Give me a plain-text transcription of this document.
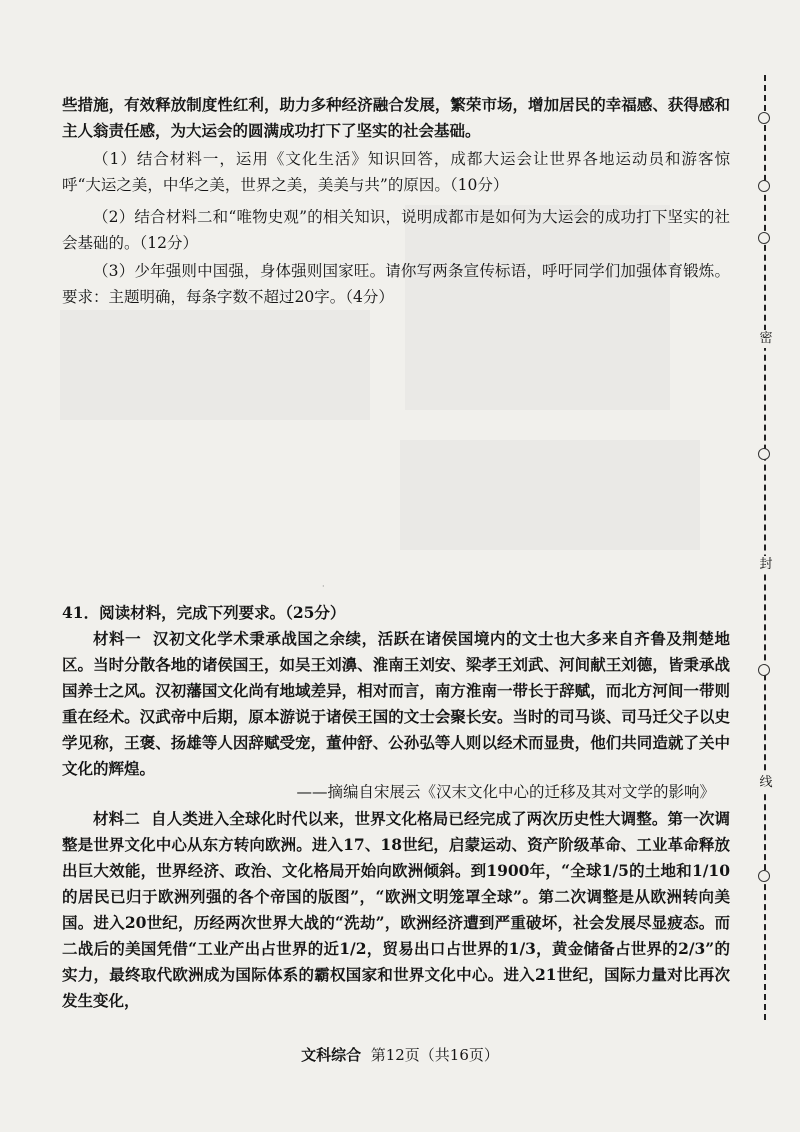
些措施，有效释放制度性红利，助力多种经济融合发展，繁荣市场，增加居民的幸福感、获得感和主人翁责任感，为大运会的圆满成功打下了坚实的社会基础。

（1）结合材料一，运用《文化生活》知识回答，成都大运会让世界各地运动员和游客惊呼“大运之美，中华之美，世界之美，美美与共”的原因。（10分）

（2）结合材料二和“唯物史观”的相关知识，说明成都市是如何为大运会的成功打下坚实的社会基础的。（12分）

（3）少年强则中国强，身体强则国家旺。请你写两条宣传标语，呼吁同学们加强体育锻炼。要求：主题明确，每条字数不超过20字。（4分）

·

41．阅读材料，完成下列要求。（25分）

材料一 汉初文化学术秉承战国之余续，活跃在诸侯国境内的文士也大多来自齐鲁及荆楚地区。当时分散各地的诸侯国王，如吴王刘濞、淮南王刘安、梁孝王刘武、河间献王刘德，皆秉承战国养士之风。汉初藩国文化尚有地域差异，相对而言，南方淮南一带长于辞赋，而北方河间一带则重在经术。汉武帝中后期，原本游说于诸侯王国的文士会聚长安。当时的司马谈、司马迁父子以史学见称，王褒、扬雄等人因辞赋受宠，董仲舒、公孙弘等人则以经术而显贵，他们共同造就了关中文化的辉煌。

——摘编自宋展云《汉末文化中心的迁移及其对文学的影响》

材料二 自人类进入全球化时代以来，世界文化格局已经完成了两次历史性大调整。第一次调整是世界文化中心从东方转向欧洲。进入17、18世纪，启蒙运动、资产阶级革命、工业革命释放出巨大效能，世界经济、政治、文化格局开始向欧洲倾斜。到1900年，“全球1/5的土地和1/10的居民已归于欧洲列强的各个帝国的版图”，“欧洲文明笼罩全球”。第二次调整是从欧洲转向美国。进入20世纪，历经两次世界大战的“洗劫”，欧洲经济遭到严重破坏，社会发展尽显疲态。而二战后的美国凭借“工业产出占世界的近1/2，贸易出口占世界的1/3，黄金储备占世界的2/3”的实力，最终取代欧洲成为国际体系的霸权国家和世界文化中心。进入21世纪，国际力量对比再次发生变化，

文科综合 第12页（共16页）
密
封
线
